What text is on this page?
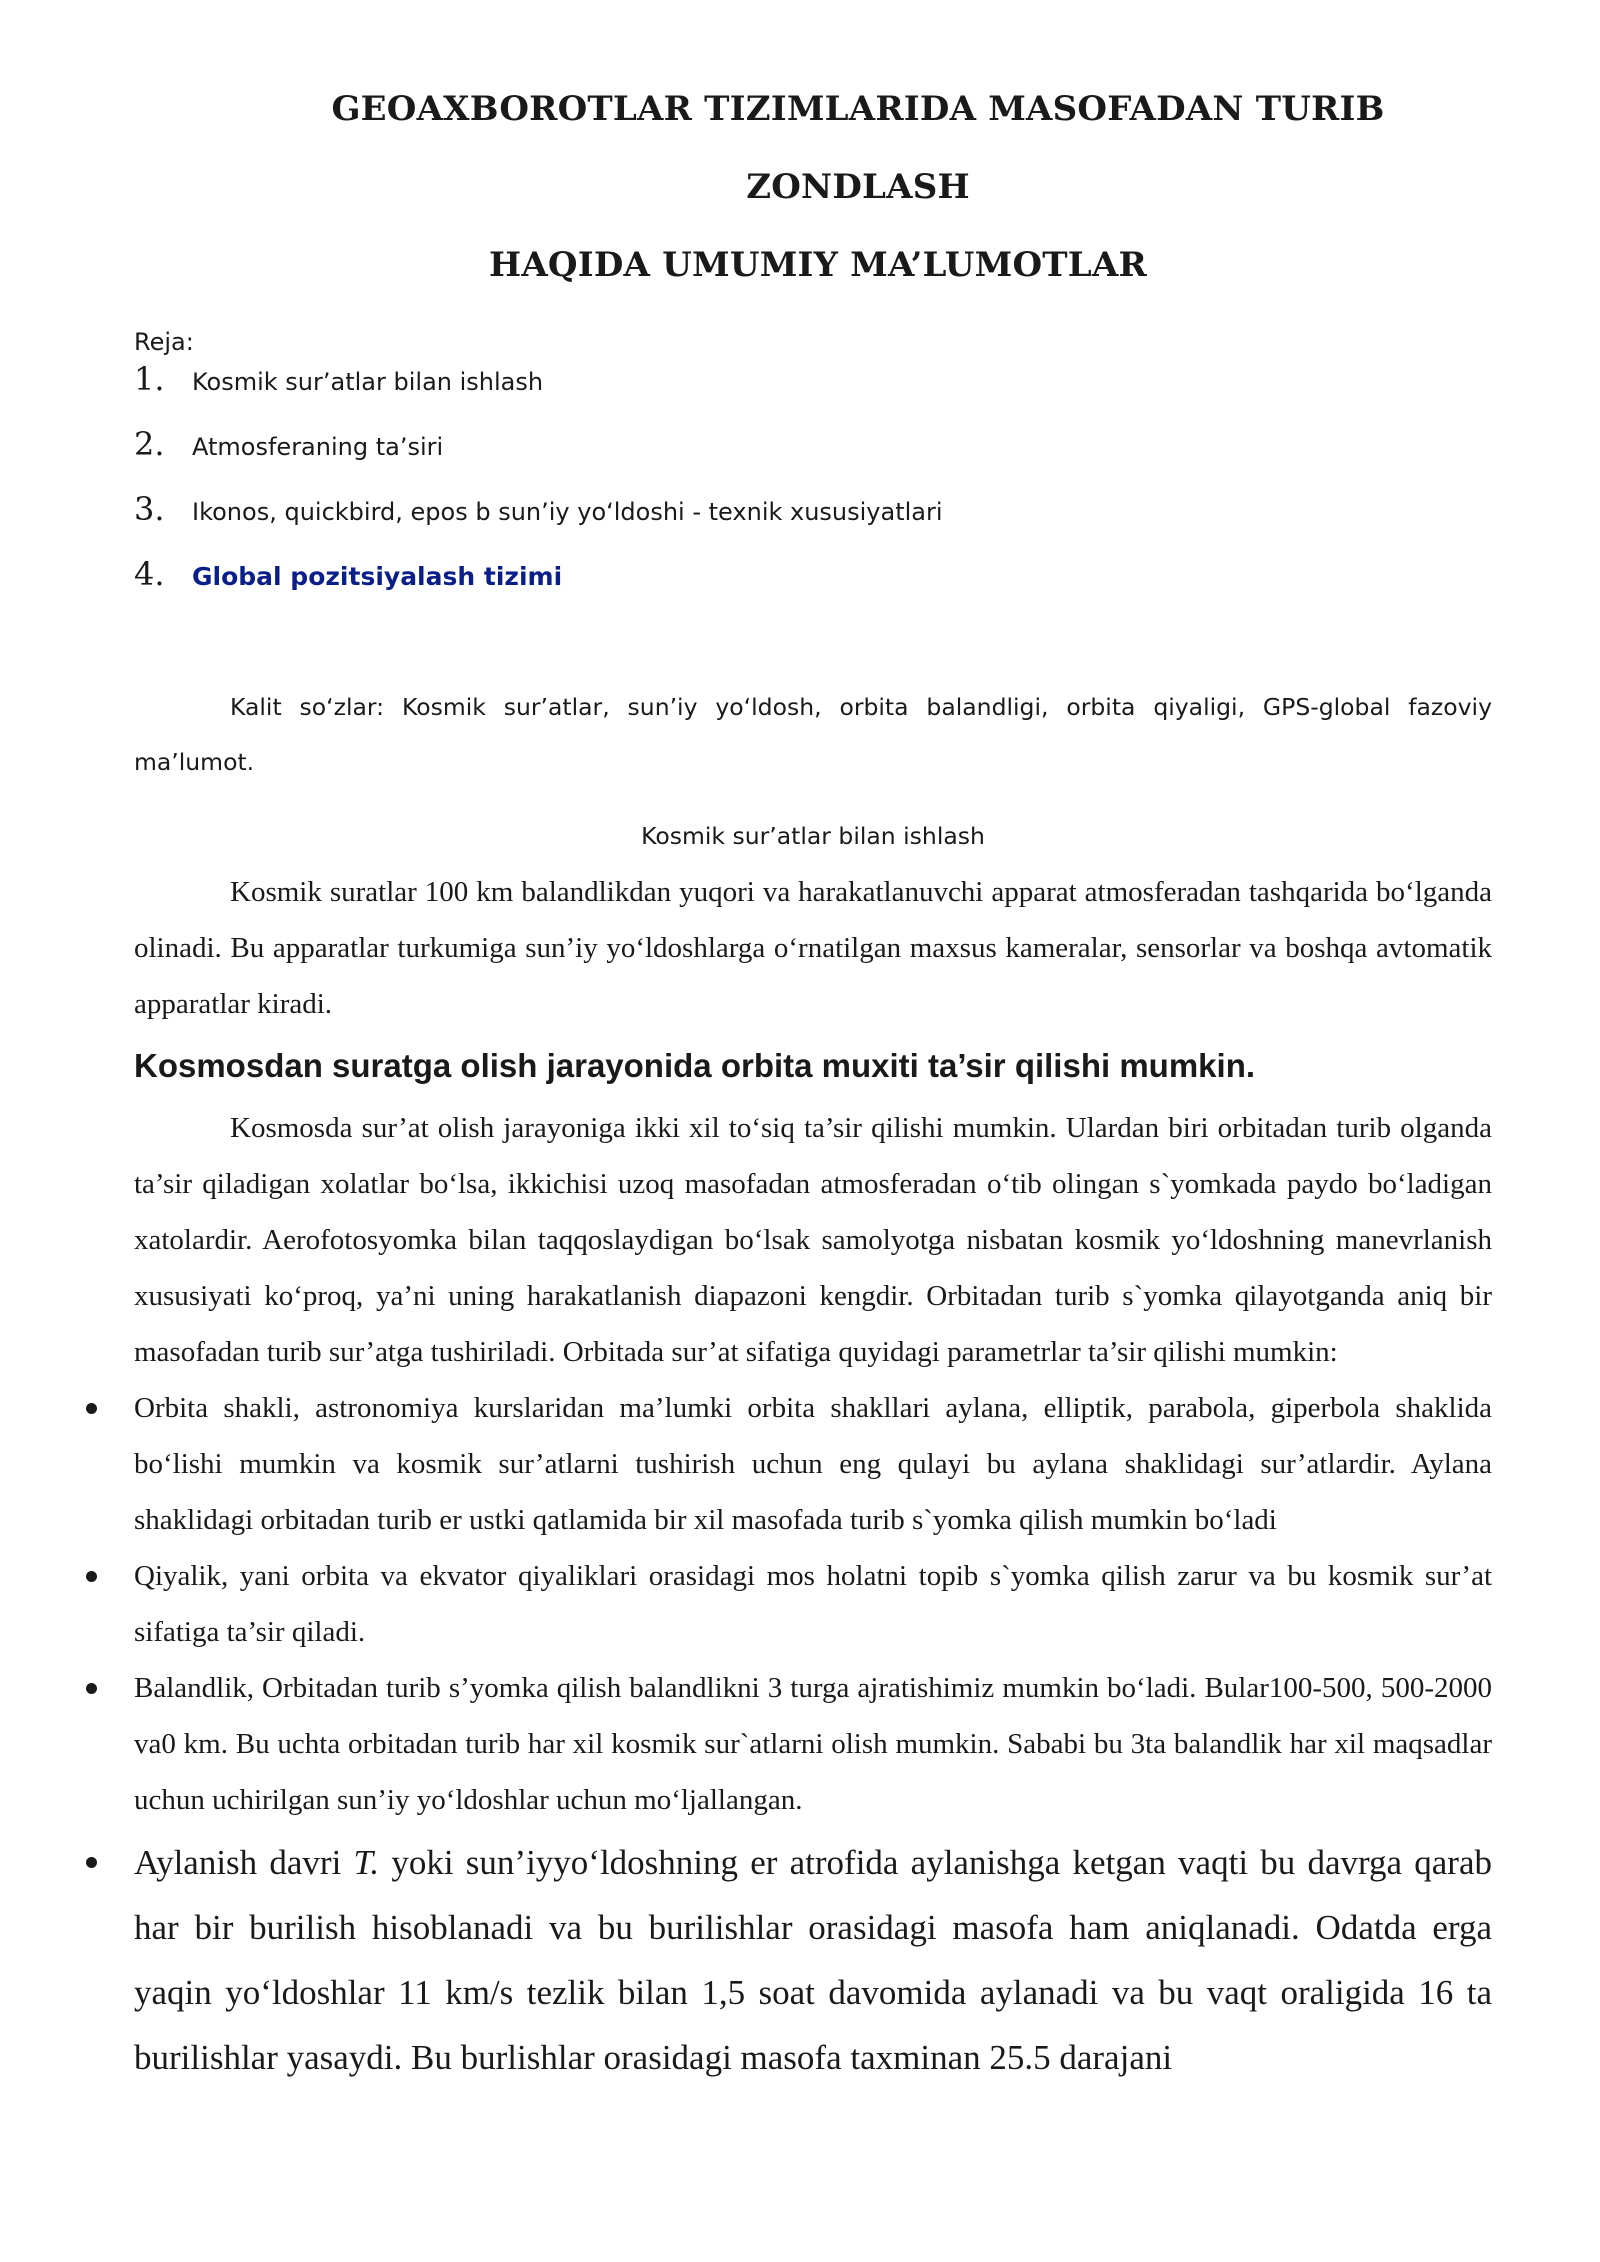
GEOAXBOROTLAR TIZIMLARIDA MASOFADAN TURIB ZONDLASH
HAQIDA UMUMIY MA’LUMOTLAR
Reja:
1.	Kosmik sur’atlar bilan ishlash
2.	Atmosferaning ta’siri
3.	Ikonos, quickbird, epos b sun’iy yo‘ldoshi - texnik xususiyatlari
4.	Global pozitsiyalash tizimi

Kalit so‘zlar: Kosmik sur’atlar, sun’iy yo‘ldosh, orbita balandligi, orbita qiyaligi, GPS-global fazoviy ma’lumot.

Kosmik sur’atlar bilan ishlash

Kosmik suratlar 100 km balandlikdan yuqori va harakatlanuvchi apparat atmosferadan tashqarida bo‘lganda olinadi. Bu apparatlar turkumiga sun’iy yo‘ldoshlarga o‘rnatilgan maxsus kameralar, sensorlar va boshqa avtomatik apparatlar kiradi.

Kosmosdan suratga olish jarayonida orbita muxiti ta’sir qilishi mumkin.

Kosmosda sur’at olish jarayoniga ikki xil to‘siq ta’sir qilishi mumkin. Ulardan biri orbitadan turib olganda ta’sir qiladigan xolatlar bo‘lsa, ikkichisi uzoq masofadan atmosferadan o‘tib olingan s`yomkada paydo bo‘ladigan xatolardir. Aerofotosyomka bilan taqqoslaydigan bo‘lsak samolyotga nisbatan kosmik yo‘ldoshning manevrlanish xususiyati ko‘proq, ya’ni uning harakatlanish diapazoni kengdir. Orbitadan turib s`yomka qilayotganda aniq bir masofadan turib sur’atga tushiriladi. Orbitada sur’at sifatiga quyidagi parametrlar ta’sir qilishi mumkin:

Orbita shakli, astronomiya kurslaridan ma’lumki orbita shakllari aylana, elliptik, parabola, giperbola shaklida bo‘lishi mumkin va kosmik sur’atlarni tushirish uchun eng qulayi bu aylana shaklidagi sur’atlardir. Aylana shaklidagi orbitadan turib er ustki qatlamida bir xil masofada turib s`yomka qilish mumkin bo‘ladi
Qiyalik, yani orbita va ekvator qiyaliklari orasidagi mos holatni topib s`yomka qilish zarur va bu kosmik sur’at sifatiga ta’sir qiladi.
Balandlik, Orbitadan turib s’yomka qilish balandlikni 3 turga ajratishimiz mumkin bo‘ladi. Bular100-500, 500-2000 va0 km. Bu uchta orbitadan turib har xil kosmik sur`atlarni olish mumkin. Sababi bu 3ta balandlik har xil maqsadlar uchun uchirilgan sun’iy yo‘ldoshlar uchun mo‘ljallangan.
Aylanish davri T. yoki sun’iyyo‘ldoshning er atrofida aylanishga ketgan vaqti bu davrga qarab har bir burilish hisoblanadi va bu burilishlar orasidagi masofa ham aniqlanadi. Odatda erga yaqin yo‘ldoshlar 11 km/s tezlik bilan 1,5 soat davomida aylanadi va bu vaqt oraligida 16 ta burilishlar yasaydi. Bu burlishlar orasidagi masofa taxminan 25.5 darajani
